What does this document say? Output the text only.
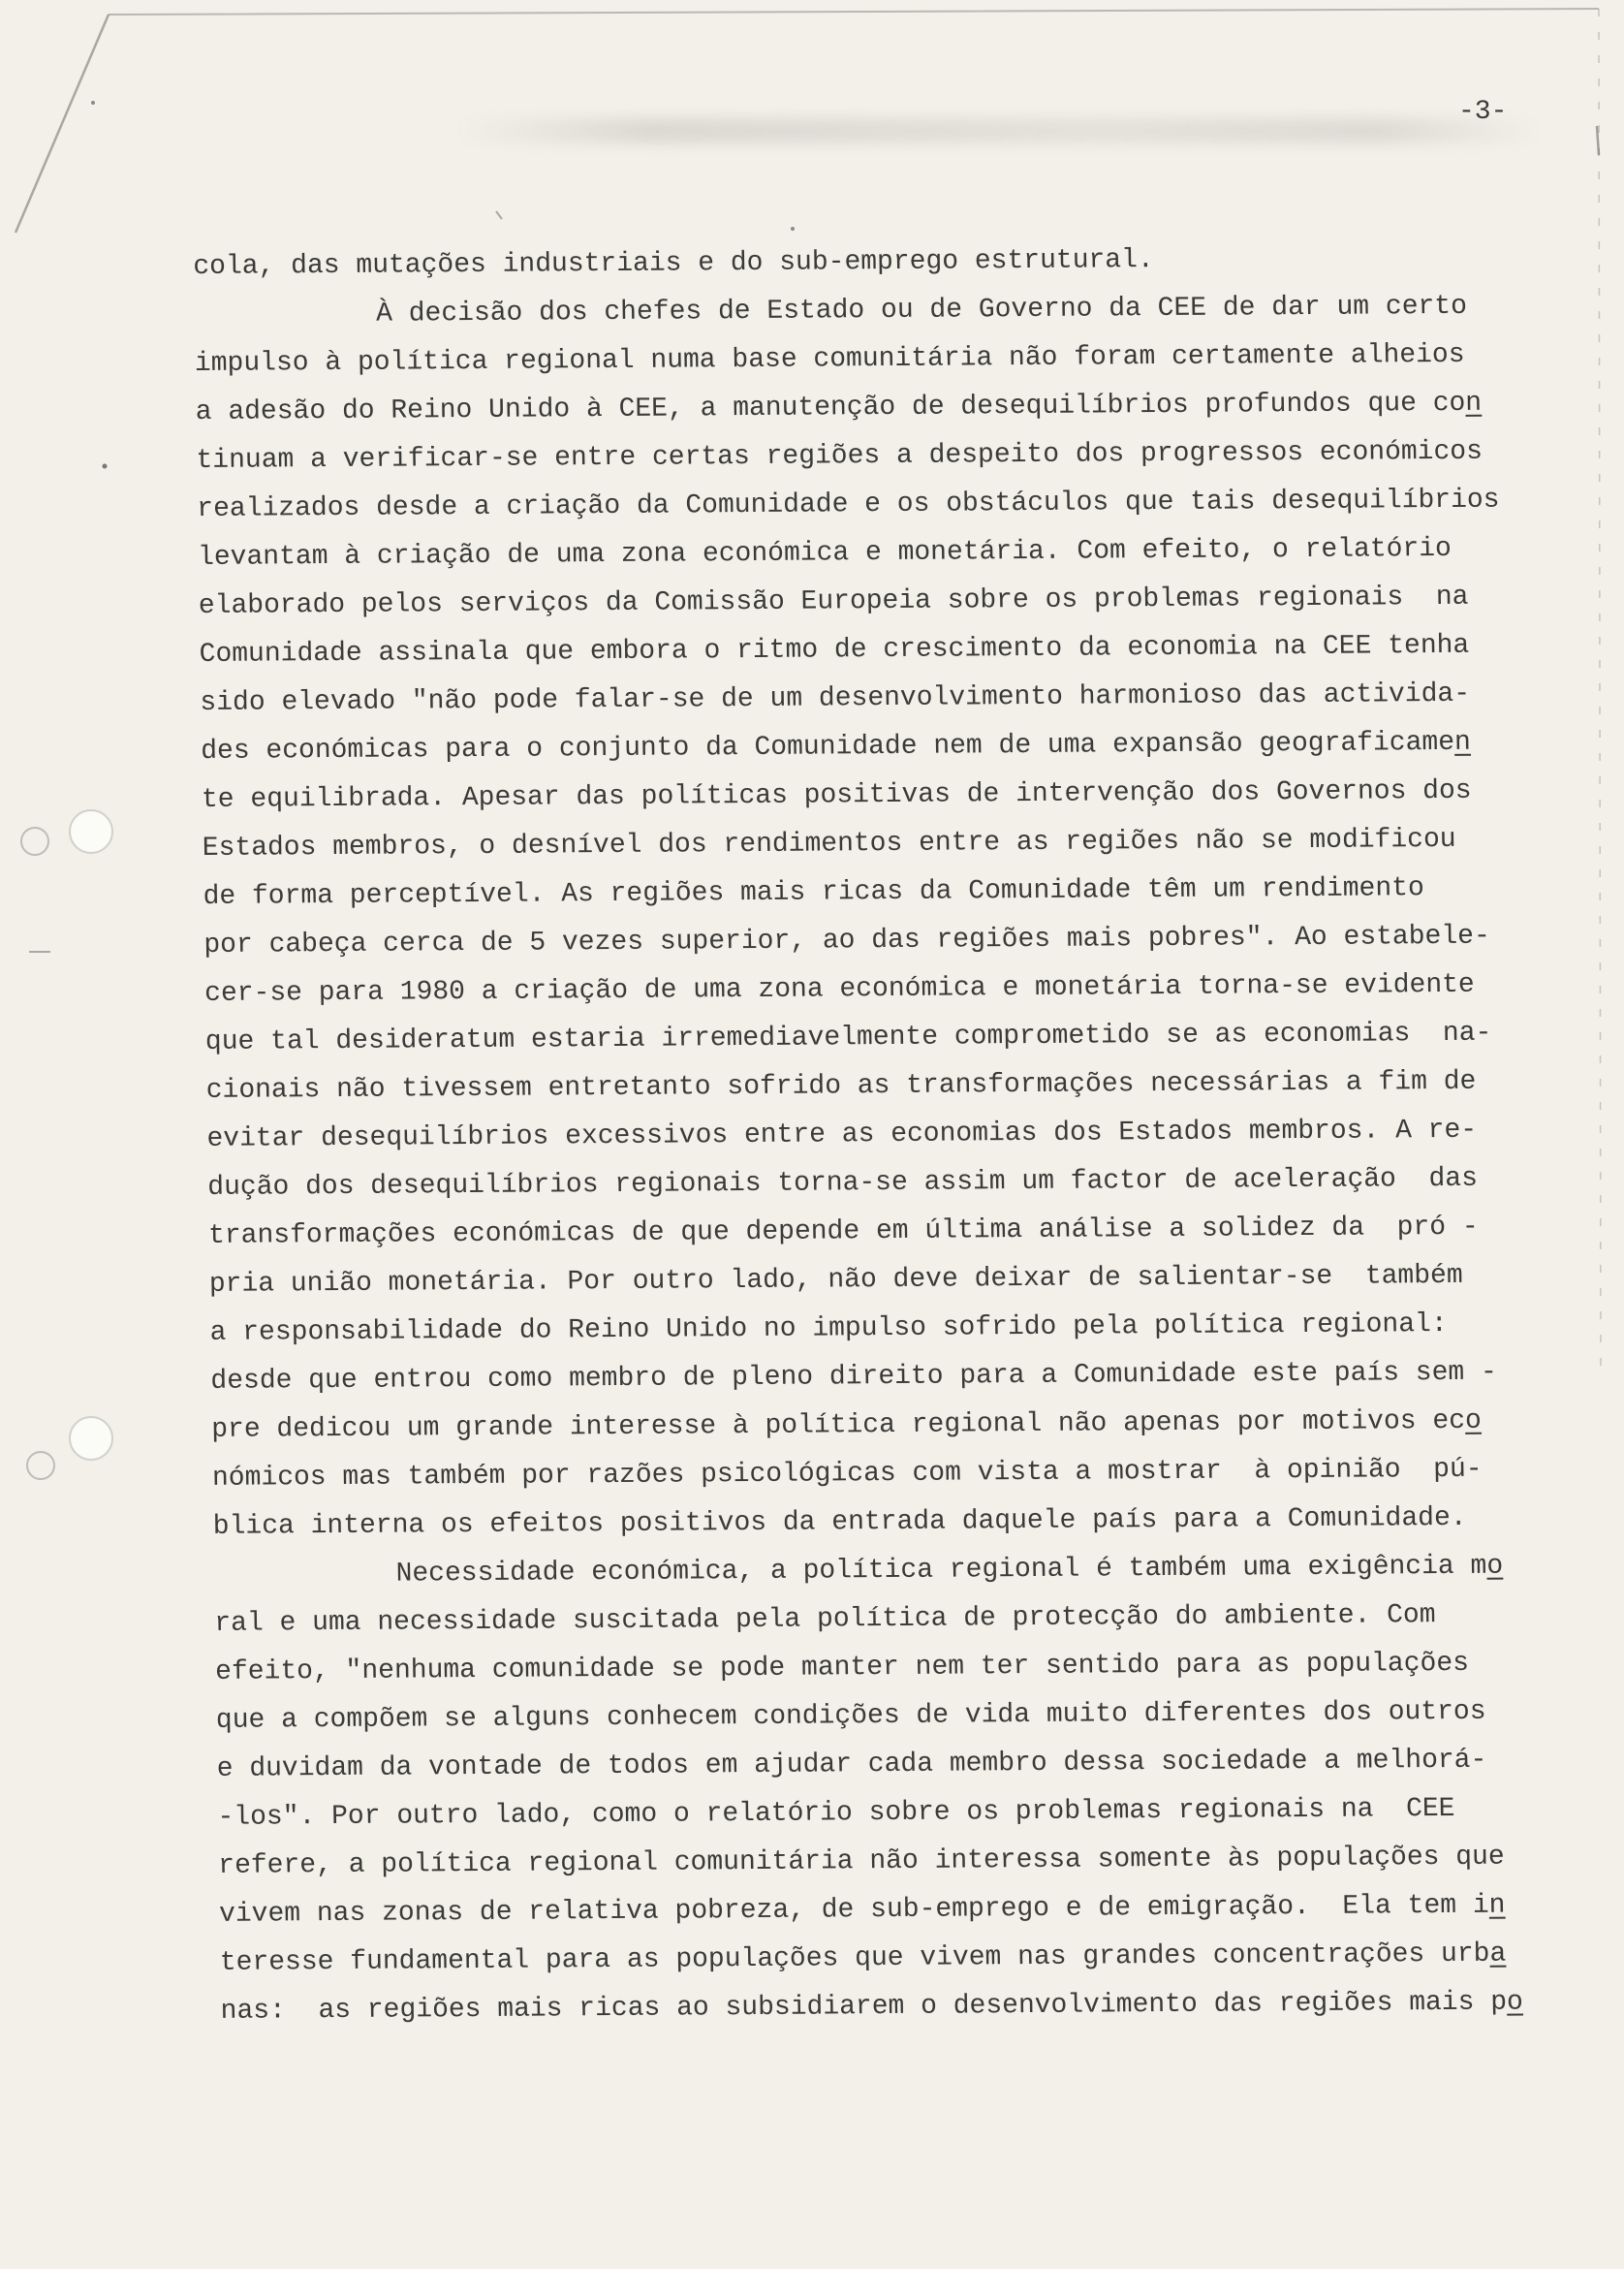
-3-
cola, das mutações industriais e do sub-emprego estrutural.
À decisão dos chefes de Estado ou de Governo da CEE de dar um certo
impulso à política regional numa base comunitária não foram certamente alheios
a adesão do Reino Unido à CEE, a manutenção de desequilíbrios profundos que con
tinuam a verificar-se entre certas regiões a despeito dos progressos económicos
realizados desde a criação da Comunidade e os obstáculos que tais desequilíbrios
levantam à criação de uma zona económica e monetária. Com efeito, o relatório
elaborado pelos serviços da Comissão Europeia sobre os problemas regionais  na
Comunidade assinala que embora o ritmo de crescimento da economia na CEE tenha
sido elevado "não pode falar-se de um desenvolvimento harmonioso das activida-
des económicas para o conjunto da Comunidade nem de uma expansão geograficamen
te equilibrada. Apesar das políticas positivas de intervenção dos Governos dos
Estados membros, o desnível dos rendimentos entre as regiões não se modificou
de forma perceptível. As regiões mais ricas da Comunidade têm um rendimento
por cabeça cerca de 5 vezes superior, ao das regiões mais pobres". Ao estabele-
cer-se para 1980 a criação de uma zona económica e monetária torna-se evidente
que tal desideratum estaria irremediavelmente comprometido se as economias  na-
cionais não tivessem entretanto sofrido as transformações necessárias a fim de
evitar desequilíbrios excessivos entre as economias dos Estados membros. A re-
dução dos desequilíbrios regionais torna-se assim um factor de aceleração  das
transformações económicas de que depende em última análise a solidez da  pró -
pria união monetária. Por outro lado, não deve deixar de salientar-se  também
a responsabilidade do Reino Unido no impulso sofrido pela política regional:
desde que entrou como membro de pleno direito para a Comunidade este país sem -
pre dedicou um grande interesse à política regional não apenas por motivos eco
nómicos mas também por razões psicológicas com vista a mostrar  à opinião  pú-
blica interna os efeitos positivos da entrada daquele país para a Comunidade.
Necessidade económica, a política regional é também uma exigência mo
ral e uma necessidade suscitada pela política de protecção do ambiente. Com
efeito, "nenhuma comunidade se pode manter nem ter sentido para as populações
que a compõem se alguns conhecem condições de vida muito diferentes dos outros
e duvidam da vontade de todos em ajudar cada membro dessa sociedade a melhorá-
-los". Por outro lado, como o relatório sobre os problemas regionais na  CEE
refere, a política regional comunitária não interessa somente às populações que
vivem nas zonas de relativa pobreza, de sub-emprego e de emigração.  Ela tem in
teresse fundamental para as populações que vivem nas grandes concentrações urba
nas:  as regiões mais ricas ao subsidiarem o desenvolvimento das regiões mais po
